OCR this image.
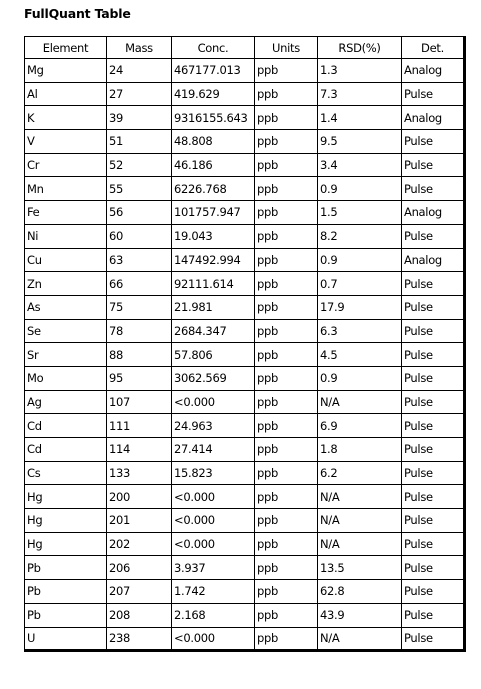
FullQuant Table
Element	Mass	Conc.	Units	RSD(%)	Det.
Mg	24	467177.013	ppb	1.3	Analog
Al	27	419.629	ppb	7.3	Pulse
K	39	9316155.643	ppb	1.4	Analog
V	51	48.808	ppb	9.5	Pulse
Cr	52	46.186	ppb	3.4	Pulse
Mn	55	6226.768	ppb	0.9	Pulse
Fe	56	101757.947	ppb	1.5	Analog
Ni	60	19.043	ppb	8.2	Pulse
Cu	63	147492.994	ppb	0.9	Analog
Zn	66	92111.614	ppb	0.7	Pulse
As	75	21.981	ppb	17.9	Pulse
Se	78	2684.347	ppb	6.3	Pulse
Sr	88	57.806	ppb	4.5	Pulse
Mo	95	3062.569	ppb	0.9	Pulse
Ag	107	<0.000	ppb	N/A	Pulse
Cd	111	24.963	ppb	6.9	Pulse
Cd	114	27.414	ppb	1.8	Pulse
Cs	133	15.823	ppb	6.2	Pulse
Hg	200	<0.000	ppb	N/A	Pulse
Hg	201	<0.000	ppb	N/A	Pulse
Hg	202	<0.000	ppb	N/A	Pulse
Pb	206	3.937	ppb	13.5	Pulse
Pb	207	1.742	ppb	62.8	Pulse
Pb	208	2.168	ppb	43.9	Pulse
U	238	<0.000	ppb	N/A	Pulse
